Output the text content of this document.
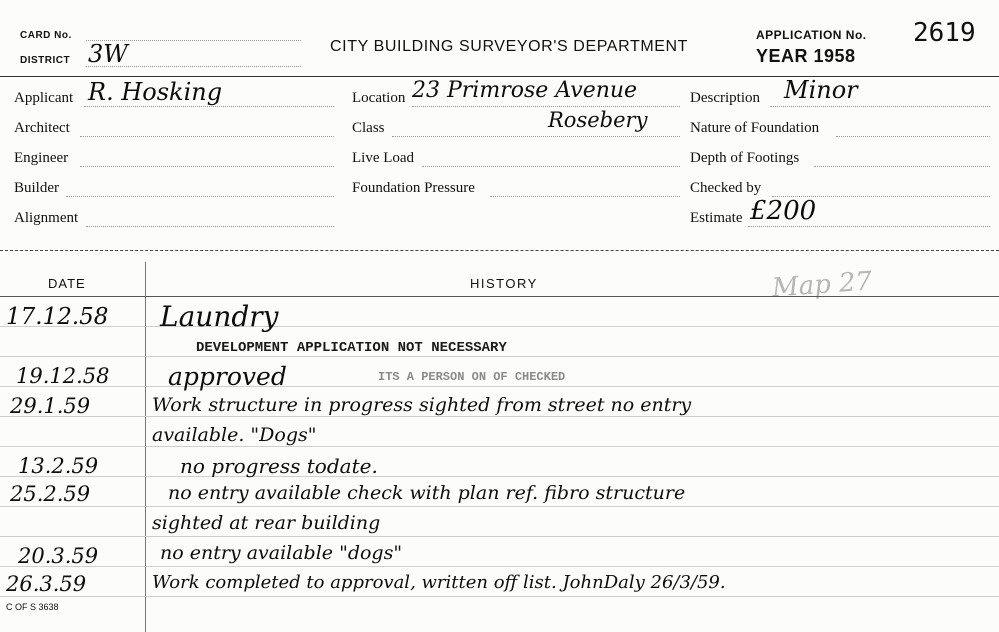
CARD No.
DISTRICT 3W	CITY BUILDING SURVEYOR'S DEPARTMENT
APPLICATION No. 2619
YEAR 1958
Applicant R. Hosking
Architect
Engineer
Builder
Alignment
Location 23 Primrose Avenue
Class	Rosebery
Live Load
Foundation Pressure
Description Minor
Nature of Foundation
Depth of Footings
Checked by
Estimate £200
DATE	HISTORY	Map 27
17.12.58 Laundry
DEVELOPMENT APPLICATION NOT NECESSARY
19.12.58 approved	ITS A PERSON ON OF CHECKED
29.1.59	Work structure in progress sighted from street no entry
available. "Dogs"
13.2.59	no progress todate.
25.2.59	no entry available check with plan ref. fibro structure
sighted at rear building
20.3.59	no entry available "dogs"
26.3.59	Work completed to approval, written off list. JohnDaly 26/3/59.
C OF S 3638
